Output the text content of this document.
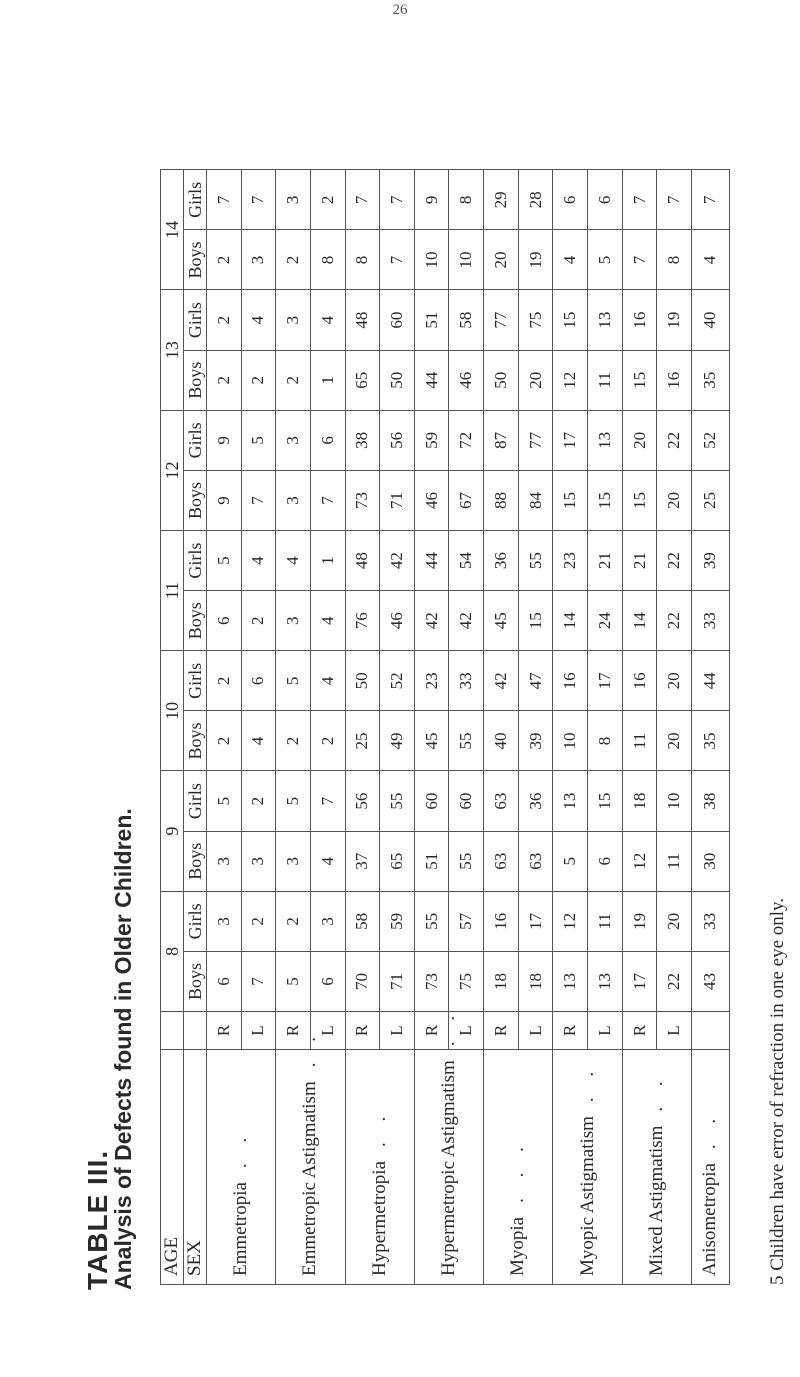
26
TABLE III.
Analysis of Defects found in Older Children.	5 Children have error of refraction in one eye only.
AGE		8		9		10		11		12		13		14	
SEX		Boys	Girls	Boys	Girls	Boys	Girls	Boys	Girls	Boys	Girls	Boys	Girls	Boys	Girls
Emmetropia. .	R	6	3	3	5	2	2	6	5	9	9	2	2	2	7
	L	7	2	3	2	4	6	2	4	7	5	2	4	3	7
Emmetropic Astigmatism. .	R	5	2	3	5	2	5	3	4	3	3	2	3	2	3
	L	6	3	4	7	2	4	4	1	7	6	1	4	8	2
Hypermetropia. .	R	70	58	37	56	25	50	76	48	73	38	65	48	8	7
	L	71	59	65	55	49	52	46	42	71	56	50	60	7	7
Hypermetropic Astigmatism. .	R	73	55	51	60	45	23	42	44	46	59	44	51	10	9
	L	75	57	55	60	55	33	42	54	67	72	46	58	10	8
Myopia. . .	R	18	16	63	63	40	42	45	36	88	87	50	77	20	29
	L	18	17	63	36	39	47	15	55	84	77	20	75	19	28
Myopic Astigmatism. .	R	13	12	5	13	10	16	14	23	15	17	12	15	4	6
	L	13	11	6	15	8	17	24	21	15	13	11	13	5	6
Mixed Astigmatism. .	R	17	19	12	18	11	16	14	21	15	20	15	16	7	7
	L	22	20	11	10	20	20	22	22	20	22	16	19	8	7
Anisometropia. .		43	33	30	38	35	44	33	39	25	52	35	40	4	7
